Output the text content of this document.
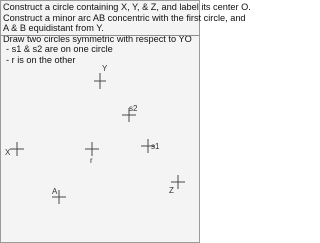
Construct a circle containing X, Y, & Z, and label its center O.
Construct a minor arc AB concentric with the first circle, and
A & B equidistant from Y.
Draw two circles symmetric with respect to YO
- s1 & s2 are on one circle
- r is on the other
Y
s2
X
r
s1
Z
A
